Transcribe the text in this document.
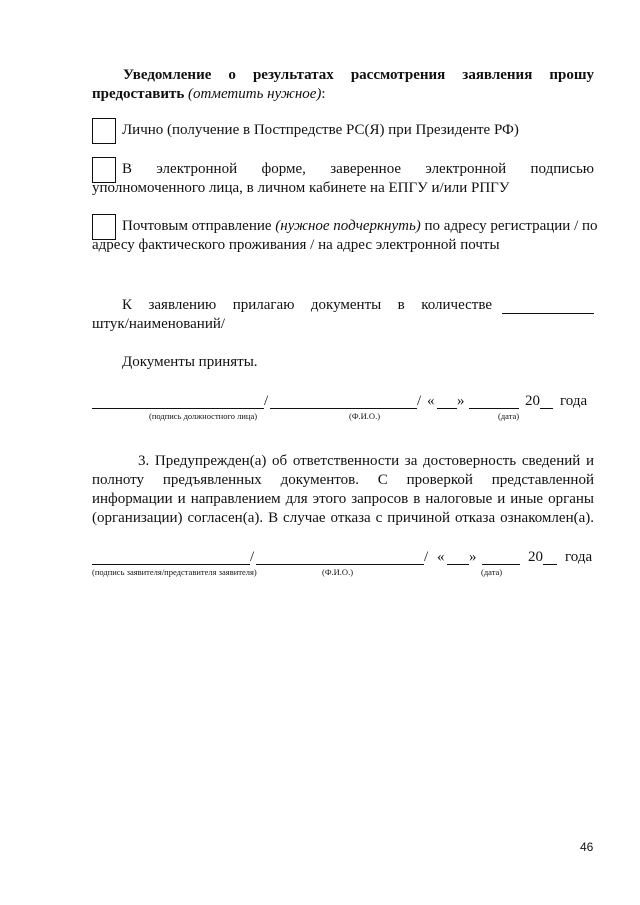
Уведомление о результатах рассмотрения заявления прошу
предоставить (отметить нужное):
Лично (получение в Постпредстве РС(Я) при Президенте РФ)
В электронной форме, заверенное электронной подписью
уполномоченного лица, в личном кабинете на ЕПГУ и/или РПГУ
Почтовым отправление (нужное подчеркнуть) по адресу регистрации / по
адресу фактического проживания / на адрес электронной почты
К заявлению прилагаю документы в количестве
штук/наименований/
Документы приняты.
/	/ « »	20 года
(подпись должностного лица)	(Ф.И.О.)	(дата)
3. Предупрежден(а) об ответственности за достоверность сведений и
полноту предъявленных документов. С проверкой представленной
информации и направлением для этого запросов в налоговые и иные органы
(организации) согласен(а). В случае отказа с причиной отказа ознакомлен(а).
/	/ « »	20 года
(подпись заявителя/представителя заявителя)	(Ф.И.О.)	(дата)
46
